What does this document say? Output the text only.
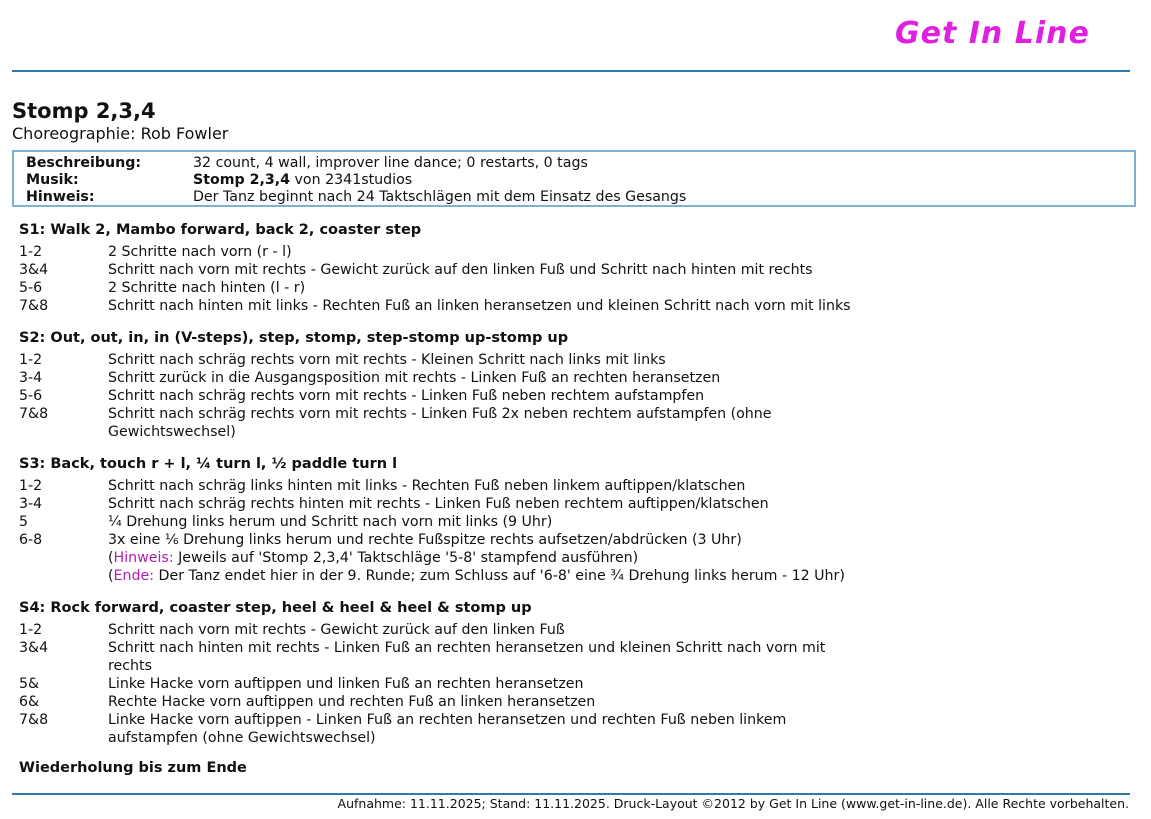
Get In Line
Stomp 2,3,4
Choreographie: Rob Fowler
Beschreibung:	32 count, 4 wall, improver line dance; 0 restarts, 0 tags
Musik:	Stomp 2,3,4 von 2341studios
Hinweis:	Der Tanz beginnt nach 24 Taktschlägen mit dem Einsatz des Gesangs
S1: Walk 2, Mambo forward, back 2, coaster step
1-2	2 Schritte nach vorn (r - l)
3&4	Schritt nach vorn mit rechts - Gewicht zurück auf den linken Fuß und Schritt nach hinten mit rechts
5-6	2 Schritte nach hinten (l - r)
7&8	Schritt nach hinten mit links - Rechten Fuß an linken heransetzen und kleinen Schritt nach vorn mit links
S2: Out, out, in, in (V-steps), step, stomp, step-stomp up-stomp up
1-2	Schritt nach schräg rechts vorn mit rechts - Kleinen Schritt nach links mit links
3-4	Schritt zurück in die Ausgangsposition mit rechts - Linken Fuß an rechten heransetzen
5-6	Schritt nach schräg rechts vorn mit rechts - Linken Fuß neben rechtem aufstampfen
7&8	Schritt nach schräg rechts vorn mit rechts - Linken Fuß 2x neben rechtem aufstampfen (ohne
Gewichtswechsel)
S3: Back, touch r + l, ¼ turn l, ½ paddle turn l
1-2	Schritt nach schräg links hinten mit links - Rechten Fuß neben linkem auftippen/klatschen
3-4	Schritt nach schräg rechts hinten mit rechts - Linken Fuß neben rechtem auftippen/klatschen
5	¼ Drehung links herum und Schritt nach vorn mit links (9 Uhr)
6-8	3x eine ⅙ Drehung links herum und rechte Fußspitze rechts aufsetzen/abdrücken (3 Uhr)
(Hinweis: Jeweils auf 'Stomp 2,3,4' Taktschläge '5-8' stampfend ausführen)
(Ende: Der Tanz endet hier in der 9. Runde; zum Schluss auf '6-8' eine ¾ Drehung links herum - 12 Uhr)
S4: Rock forward, coaster step, heel & heel & heel & stomp up
1-2	Schritt nach vorn mit rechts - Gewicht zurück auf den linken Fuß
3&4	Schritt nach hinten mit rechts - Linken Fuß an rechten heransetzen und kleinen Schritt nach vorn mit
rechts
5&	Linke Hacke vorn auftippen und linken Fuß an rechten heransetzen
6&	Rechte Hacke vorn auftippen und rechten Fuß an linken heransetzen
7&8	Linke Hacke vorn auftippen - Linken Fuß an rechten heransetzen und rechten Fuß neben linkem
aufstampfen (ohne Gewichtswechsel)
Wiederholung bis zum Ende
Aufnahme: 11.11.2025; Stand: 11.11.2025. Druck-Layout ©2012 by Get In Line (www.get-in-line.de). Alle Rechte vorbehalten.
